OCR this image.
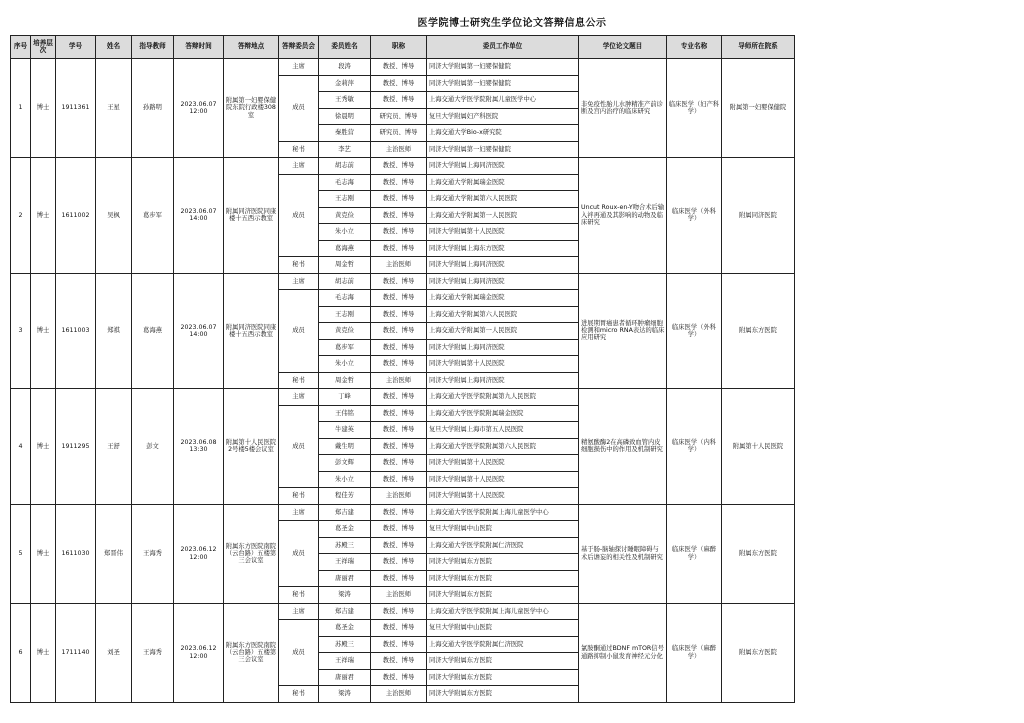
医学院博士研究生学位论文答辩信息公示
序号	培养层次	学号	姓名	指导教师	答辩时间	答辩地点	答辩委员会	委员姓名	职称	委员工作单位	学位论文题目	专业名称	导师所在院系
1	博士	1911361	王星	孙路明	2023.06.07 12:00	附属第一妇婴保健院东院行政楼308室	主席	段涛	教授、博导	同济大学附属第一妇婴保健院	非免疫性胎儿水肿精准产前诊断及宫内治疗的临床研究	临床医学（妇产科学）	附属第一妇婴保健院
							成员	金莉萍	教授、博导	同济大学附属第一妇婴保健院			
								王秀敏	教授、博导	上海交通大学医学院附属儿童医学中心			
								徐晨明	研究员、博导	复旦大学附属妇产科医院			
								秦胜营	研究员、博导	上海交通大学Bio-x研究院			
							秘书	李艺	主治医师	同济大学附属第一妇婴保健院			
2	博士	1611002	吴枫	葛步军	2023.06.07 14:00	附属同济医院同康楼十五西示教室	主席	胡志前	教授、博导	同济大学附属上海同济医院	Uncut Roux-en-Y吻合术后输入袢再通及其影响的动物及临床研究	临床医学（外科学）	附属同济医院
							成员	毛志海	教授、博导	上海交通大学附属瑞金医院			
								王志刚	教授、博导	上海交通大学附属第六人民医院			
								黄克俭	教授、博导	上海交通大学附属第一人民医院			
								朱小立	教授、博导	同济大学附属第十人民医院			
								葛海燕	教授、博导	同济大学附属上海东方医院			
							秘书	周金哲	主治医师	同济大学附属上海同济医院			
3	博士	1611003	郑祺	葛海燕	2023.06.07 14:00	附属同济医院同康楼十五西示教室	主席	胡志前	教授、博导	同济大学附属上海同济医院	进展期胃癌患者循环肿瘤细胞检测和micro RNA表达的临床应用研究	临床医学（外科学）	附属东方医院
							成员	毛志海	教授、博导	上海交通大学附属瑞金医院			
								王志刚	教授、博导	上海交通大学附属第六人民医院			
								黄克俭	教授、博导	上海交通大学附属第一人民医院			
								葛步军	教授、博导	同济大学附属上海同济医院			
								朱小立	教授、博导	同济大学附属第十人民医院			
							秘书	周金哲	主治医师	同济大学附属上海同济医院			
4	博士	1911295	王舒	彭文	2023.06.08 13:30	附属第十人民医院2号楼5楼会议室	主席	丁峰	教授、博导	上海交通大学医学院附属第九人民医院	精氨酸酶2在高磷致血管内皮细胞损伤中的作用及机制研究	临床医学（内科学）	附属第十人民医院
							成员	王伟铭	教授、博导	上海交通大学医学院附属瑞金医院			
								牛建英	教授、博导	复旦大学附属上海市第五人民医院			
								戴生明	教授、博导	上海交通大学医学院附属第六人民医院			
								彭文辉	教授、博导	同济大学附属第十人民医院			
								朱小立	教授、博导	同济大学附属第十人民医院			
							秘书	程佳芳	主治医师	同济大学附属第十人民医院			
5	博士	1611030	郑晋伟	王海秀	2023.06.12 12:00	附属东方医院南院（云台路）五楼第三会议室	主席	郑吉建	教授、博导	上海交通大学医学院附属上海儿童医学中心	基于肠-脑轴探讨睡眠障碍与术后谵妄的相关性及机制研究	临床医学（麻醉学）	附属东方医院
							成员	葛圣金	教授、博导	复旦大学附属中山医院			
								苏殿三	教授、博导	上海交通大学医学院附属仁济医院			
								王祥瑞	教授、博导	同济大学附属东方医院			
								唐丽君	教授、博导	同济大学附属东方医院			
							秘书	梁涛	主治医师	同济大学附属东方医院			
6	博士	1711140	刘圣	王海秀	2023.06.12 12:00	附属东方医院南院（云台路）五楼第三会议室	主席	郑吉建	教授、博导	上海交通大学医学院附属上海儿童医学中心	氯胺酮通过BDNF mTOR信号通路抑制小鼠发育神经元分化	临床医学（麻醉学）	附属东方医院
							成员	葛圣金	教授、博导	复旦大学附属中山医院			
								苏殿三	教授、博导	上海交通大学医学院附属仁济医院			
								王祥瑞	教授、博导	同济大学附属东方医院			
								唐丽君	教授、博导	同济大学附属东方医院			
							秘书	梁涛	主治医师	同济大学附属东方医院			
